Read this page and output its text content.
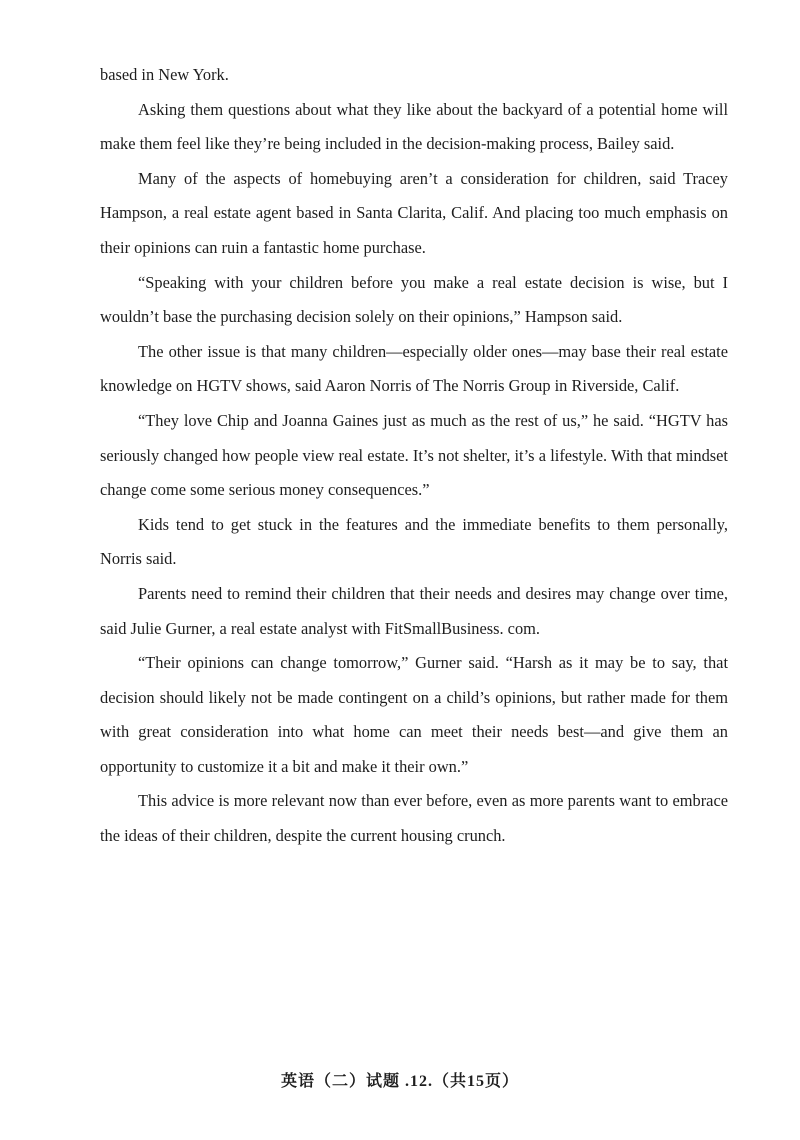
based in New York.

Asking them questions about what they like about the backyard of a potential home will make them feel like they’re being included in the decision-making process, Bailey said.

Many of the aspects of homebuying aren’t a consideration for children, said Tracey Hampson, a real estate agent based in Santa Clarita, Calif. And placing too much emphasis on their opinions can ruin a fantastic home purchase.

“Speaking with your children before you make a real estate decision is wise, but I wouldn’t base the purchasing decision solely on their opinions,” Hampson said.

The other issue is that many children—especially older ones—may base their real estate knowledge on HGTV shows, said Aaron Norris of The Norris Group in Riverside, Calif.

“They love Chip and Joanna Gaines just as much as the rest of us,” he said. “HGTV has seriously changed how people view real estate. It’s not shelter, it’s a lifestyle. With that mindset change come some serious money consequences.”

Kids tend to get stuck in the features and the immediate benefits to them personally, Norris said.

Parents need to remind their children that their needs and desires may change over time, said Julie Gurner, a real estate analyst with FitSmallBusiness. com.

“Their opinions can change tomorrow,” Gurner said. “Harsh as it may be to say, that decision should likely not be made contingent on a child’s opinions, but rather made for them with great consideration into what home can meet their needs best—and give them an opportunity to customize it a bit and make it their own.”

This advice is more relevant now than ever before, even as more parents want to embrace the ideas of their children, despite the current housing crunch.

英语（二）试题 .12.（共15页）
